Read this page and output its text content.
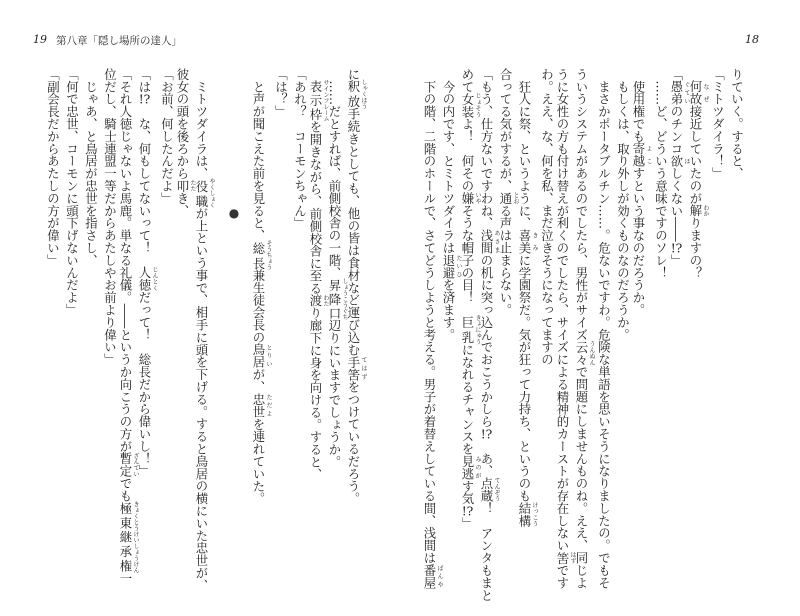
19 第八章「隠し場所の達人」
●
に釈放 しゃくほう手続きとしても、他の皆は食材など運び込む手筈 てはずをつけているだろう。
　……だとすれば、前側校舎の一階、昇降口 しょうこうぐち辺りにいますでしょうか。
　表示枠 サインフレームを開きながら、前側校舎に至る渡 わたり廊下に身を向ける。すると、
「あれ？　コーモンちゃん」
「は？」
　と声が聞こえた前を見ると、総長 そうちょう兼生徒会長の鳥居 とりいが、忠世 ただよを連れていた。
　ミトツダイラは、役職 やくしょくが上という事で、相手に頭を下げる。すると鳥居の横にいた忠世が、
彼女の頭を後ろから叩 たたき、
「お前、何したんだよ」
「は!?　な、何もしてないって！　人徳 じんとくだって！　総長だから偉いし！」
「それ人徳じゃないよ馬鹿。単なる礼儀。――というか向こうの方が暫定 ざんていでも極東継承権 きょくとうけいしょうけん一
位だし、騎士連盟一等だからあたしやお前より偉い」
　じゃあ、と鳥居が忠世を指さし、
「何で忠世、コーモンに頭下げないんだよ」
「副会長だからあたしの方が偉い」
18
りていく。すると、
「ミトツダイラ！」
　何故 なぜ接近していたのが解 わかりますの？
「愚弟 ぐていのチンコ欲 ほしくない――!?」
　……ど、どういう意味ですのソレ！
　使用権でも寄越 よこすという事なのだろうか。
　もしくは、取り外しが効くものなのだろうか。
　まさかポータブルチン……。危ないですわ。危険な単語を思いそうになりましたの。でもそ
ういうシステムがあるのでしたら、男性がサイズ云々 うんぬんで問題にしませんものね。ええ、同じよ
うに女性の方も付け替えが利くのでしたら、サイズによる精神的カーストが存在しない筈 はずです
わ。ええ、な、何を私、まだ泣きそうになってますの
　狂人に祭、というように、喜美 きみに学園祭だ。気が狂って力持ち、というのも結構 けっこう
合ってる気がするが、通 とおる声は止まらない。
「もう、仕方ないですわね、浅間 あさまの机に突っ込んでおこうかしら!?　あ、点蔵 てんぞう！　アンタもまと
めて女装 じょそうよ！　何その嫌 いやそうな帽子の目！　巨乳 きょにゅうになれるチャンスを見逃 みのがす気!?」
　今の内です、とミトツダイラは退避 たいひを済ます。
　下の階、二階のホールで、さてどうしようと考える。男子が着替えしている間、浅間は番屋 ばんや
